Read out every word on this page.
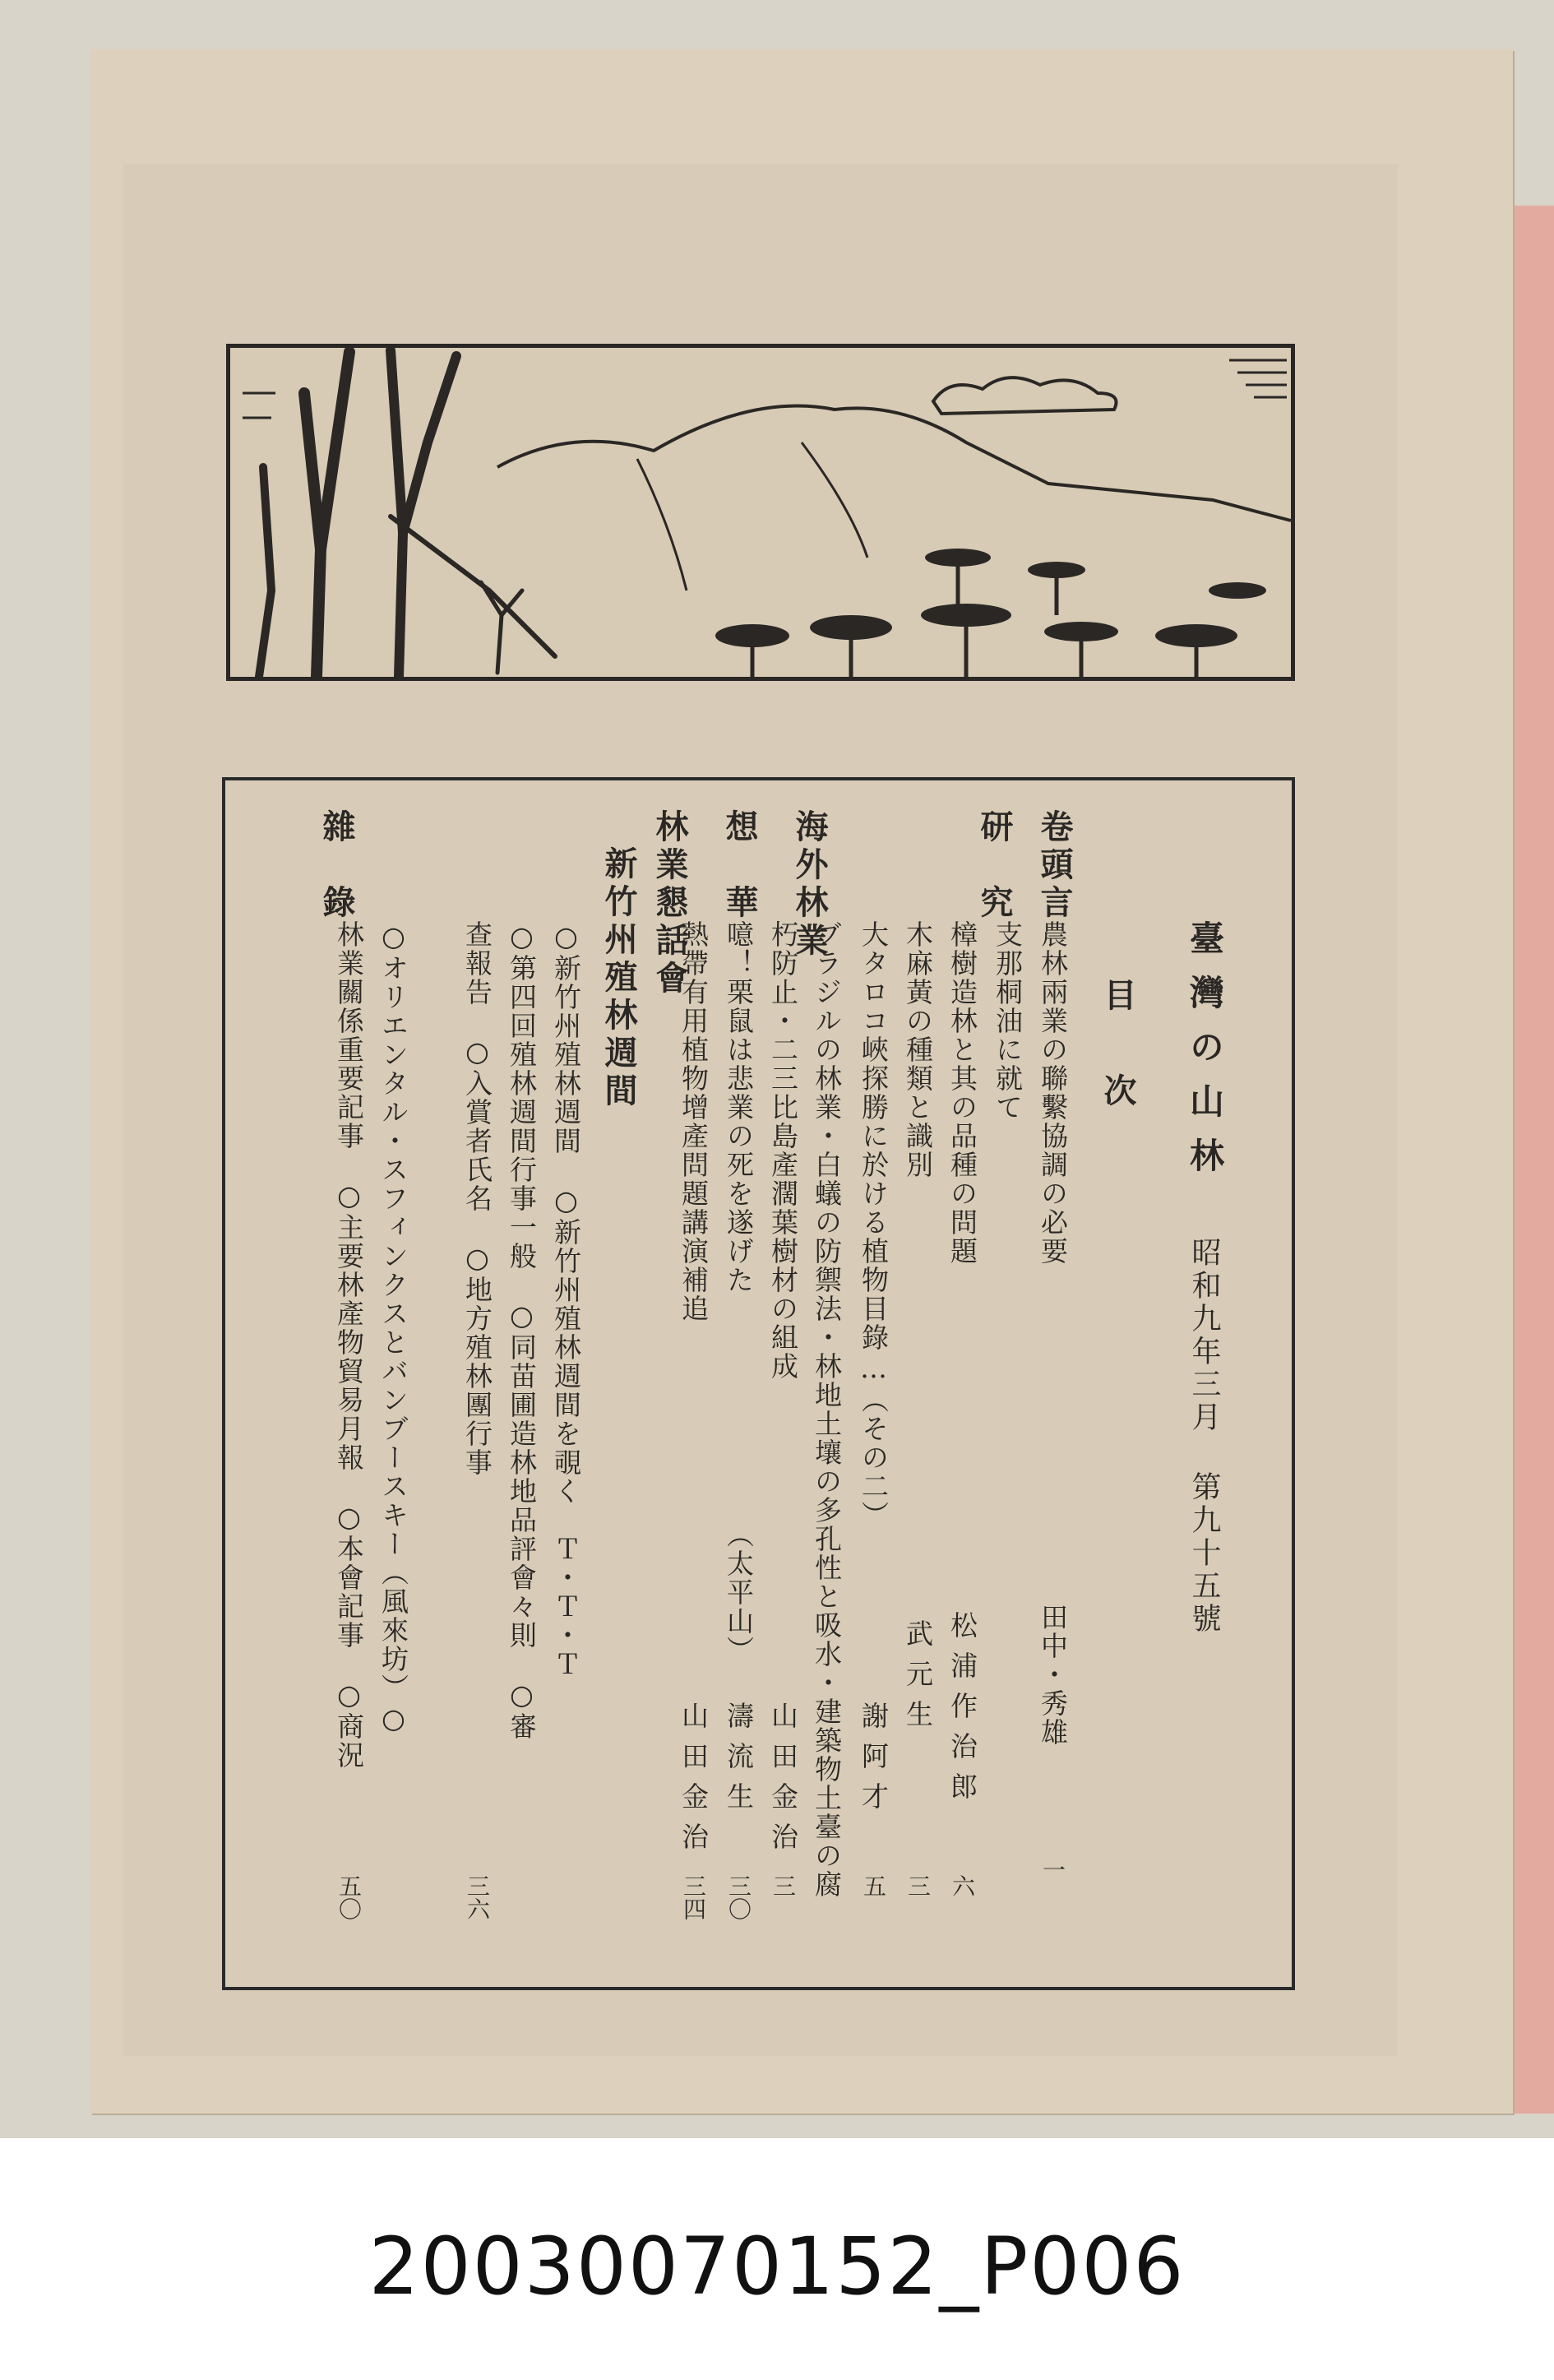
臺灣の山林
昭和九年三月
第九十五號
目　次
卷頭言
農林兩業の聯繫協調の必要
田中・秀雄
一
研　究
支那桐油に就て
樟樹造林と其の品種の問題
松浦作治郎
六
木麻黃の種類と識別
武元生
三
大タロコ峽探勝に於ける植物目錄…（その二）
謝阿才
五
海外林業
ブラジルの林業・白蟻の防禦法・林地土壤の多孔性と吸水・建築物土臺の腐
朽防止・二三比島產濶葉樹材の組成
山田金治
三
想　華
噫！栗鼠は悲業の死を遂げた
（太平山）
濤流生
三〇
林業懇話會
熱帶有用植物增產問題講演補追
山田金治
三四
新竹州殖林週間
○新竹州殖林週間　○新竹州殖林週間を覗く　Ｔ・Ｔ・Ｔ
○第四回殖林週間行事一般　○同苗圃造林地品評會々則　○審
查報告　○入賞者氏名　○地方殖林團行事
三六
雜　錄
○オリエンタル・スフィンクスとバンブースキー（風來坊）○
林業關係重要記事　○主要林產物貿易月報　○本會記事　○商況
五〇
20030070152_P006
